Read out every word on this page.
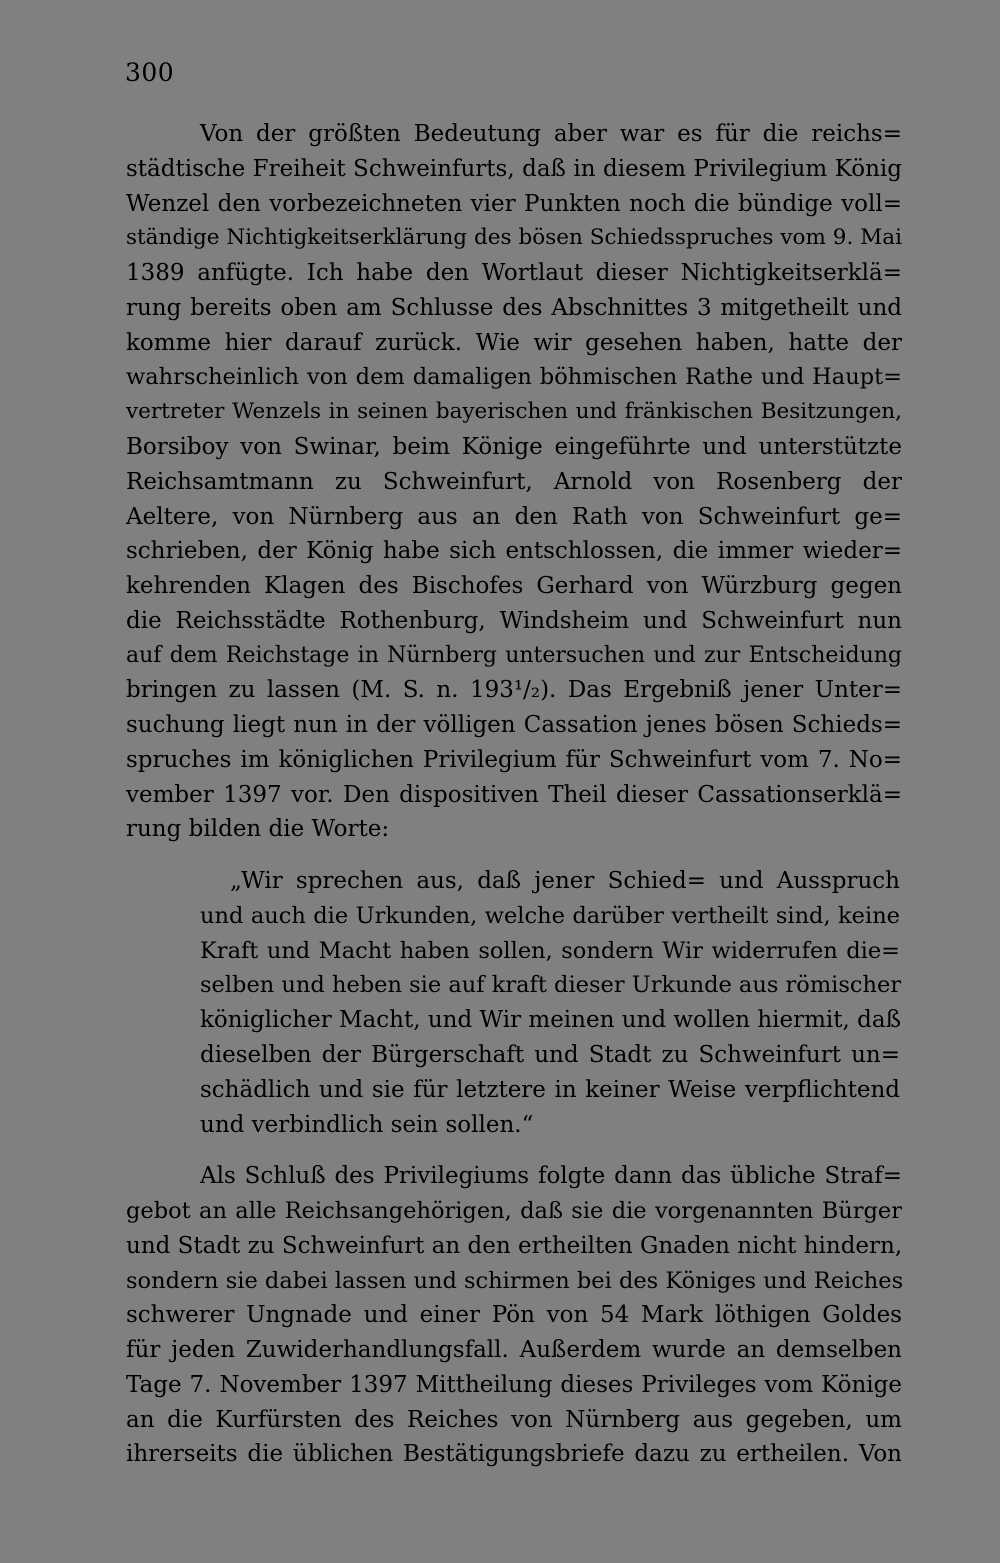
300
Von der größten Bedeutung aber war es für die reichs=
städtische Freiheit Schweinfurts, daß in diesem Privilegium König
Wenzel den vorbezeichneten vier Punkten noch die bündige voll=
ständige Nichtigkeitserklärung des bösen Schiedsspruches vom 9. Mai
1389 anfügte. Ich habe den Wortlaut dieser Nichtigkeitserklä=
rung bereits oben am Schlusse des Abschnittes 3 mitgetheilt und
komme hier darauf zurück. Wie wir gesehen haben, hatte der
wahrscheinlich von dem damaligen böhmischen Rathe und Haupt=
vertreter Wenzels in seinen bayerischen und fränkischen Besitzungen,
Borsiboy von Swinar, beim Könige eingeführte und unterstützte
Reichsamtmann zu Schweinfurt, Arnold von Rosenberg der
Aeltere, von Nürnberg aus an den Rath von Schweinfurt ge=
schrieben, der König habe sich entschlossen, die immer wieder=
kehrenden Klagen des Bischofes Gerhard von Würzburg gegen
die Reichsstädte Rothenburg, Windsheim und Schweinfurt nun
auf dem Reichstage in Nürnberg untersuchen und zur Entscheidung
bringen zu lassen (M. S. n. 193¹/₂). Das Ergebniß jener Unter=
suchung liegt nun in der völligen Cassation jenes bösen Schieds=
spruches im königlichen Privilegium für Schweinfurt vom 7. No=
vember 1397 vor. Den dispositiven Theil dieser Cassationserklä=
rung bilden die Worte:
„Wir sprechen aus, daß jener Schied= und Ausspruch
und auch die Urkunden, welche darüber vertheilt sind, keine
Kraft und Macht haben sollen, sondern Wir widerrufen die=
selben und heben sie auf kraft dieser Urkunde aus römischer
königlicher Macht, und Wir meinen und wollen hiermit, daß
dieselben der Bürgerschaft und Stadt zu Schweinfurt un=
schädlich und sie für letztere in keiner Weise verpflichtend
und verbindlich sein sollen.“
Als Schluß des Privilegiums folgte dann das übliche Straf=
gebot an alle Reichsangehörigen, daß sie die vorgenannten Bürger
und Stadt zu Schweinfurt an den ertheilten Gnaden nicht hindern,
sondern sie dabei lassen und schirmen bei des Königes und Reiches
schwerer Ungnade und einer Pön von 54 Mark löthigen Goldes
für jeden Zuwiderhandlungsfall. Außerdem wurde an demselben
Tage 7. November 1397 Mittheilung dieses Privileges vom Könige
an die Kurfürsten des Reiches von Nürnberg aus gegeben, um
ihrerseits die üblichen Bestätigungsbriefe dazu zu ertheilen. Von
